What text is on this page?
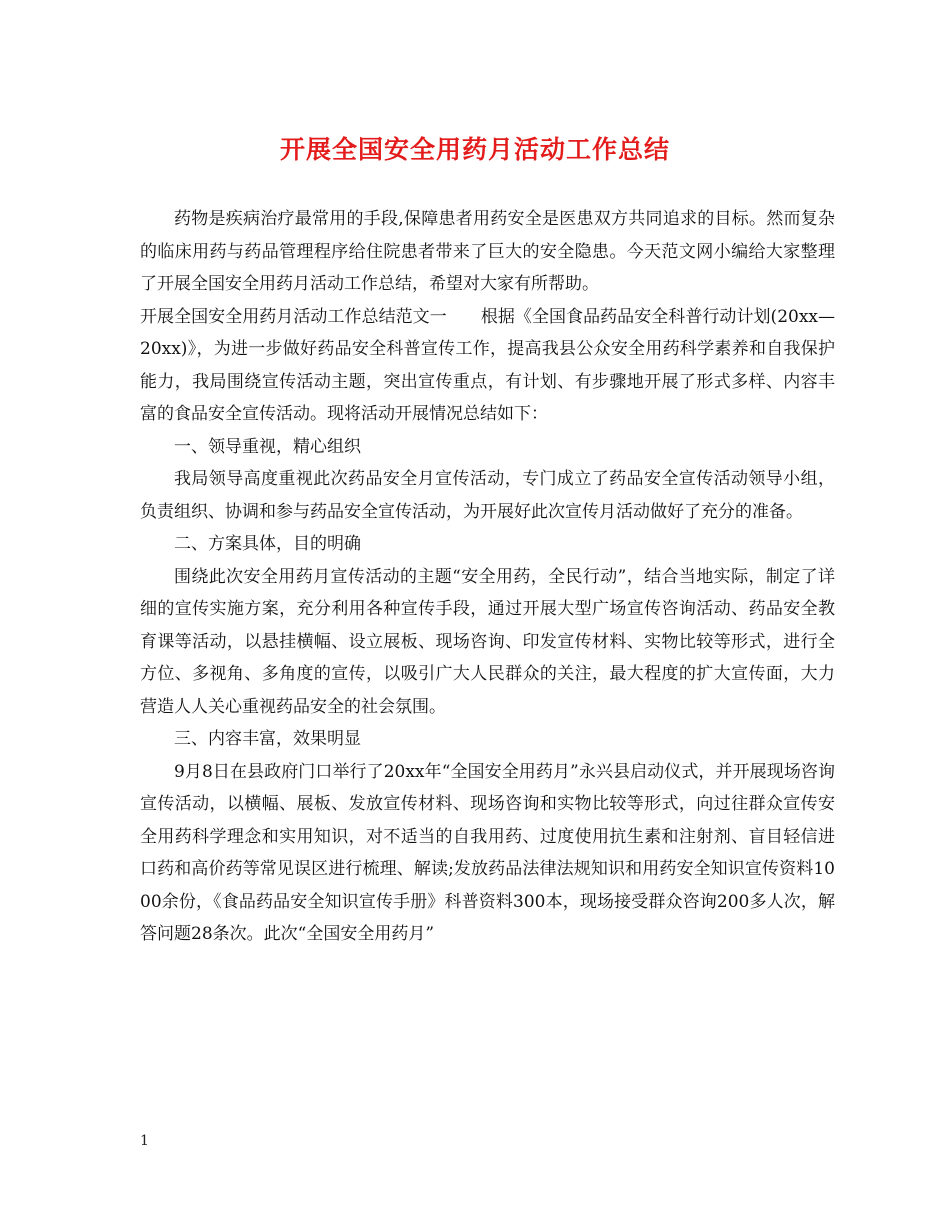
开展全国安全用药月活动工作总结

药物是疾病治疗最常用的手段,保障患者用药安全是医患双方共同追求的目标。然而复杂的临床用药与药品管理程序给住院患者带来了巨大的安全隐患。今天范文网小编给大家整理了开展全国安全用药月活动工作总结，希望对大家有所帮助。

开展全国安全用药月活动工作总结范文一　　根据《全国食品药品安全科普行动计划(20xx—20xx)》，为进一步做好药品安全科普宣传工作，提高我县公众安全用药科学素养和自我保护能力，我局围绕宣传活动主题，突出宣传重点，有计划、有步骤地开展了形式多样、内容丰富的食品安全宣传活动。现将活动开展情况总结如下：

一、领导重视，精心组织

我局领导高度重视此次药品安全月宣传活动，专门成立了药品安全宣传活动领导小组，负责组织、协调和参与药品安全宣传活动，为开展好此次宣传月活动做好了充分的准备。

二、方案具体，目的明确

围绕此次安全用药月宣传活动的主题“安全用药，全民行动”，结合当地实际，制定了详细的宣传实施方案，充分利用各种宣传手段，通过开展大型广场宣传咨询活动、药品安全教育课等活动，以悬挂横幅、设立展板、现场咨询、印发宣传材料、实物比较等形式，进行全方位、多视角、多角度的宣传，以吸引广大人民群众的关注，最大程度的扩大宣传面，大力营造人人关心重视药品安全的社会氛围。

三、内容丰富，效果明显

9月8日在县政府门口举行了20xx年“全国安全用药月”永兴县启动仪式，并开展现场咨询宣传活动，以横幅、展板、发放宣传材料、现场咨询和实物比较等形式，向过往群众宣传安全用药科学理念和实用知识，对不适当的自我用药、过度使用抗生素和注射剂、盲目轻信进口药和高价药等常见误区进行梳理、解读;发放药品法律法规知识和用药安全知识宣传资料1000余份，《食品药品安全知识宣传手册》科普资料300本，现场接受群众咨询200多人次，解答问题28条次。此次“全国安全用药月”

1
